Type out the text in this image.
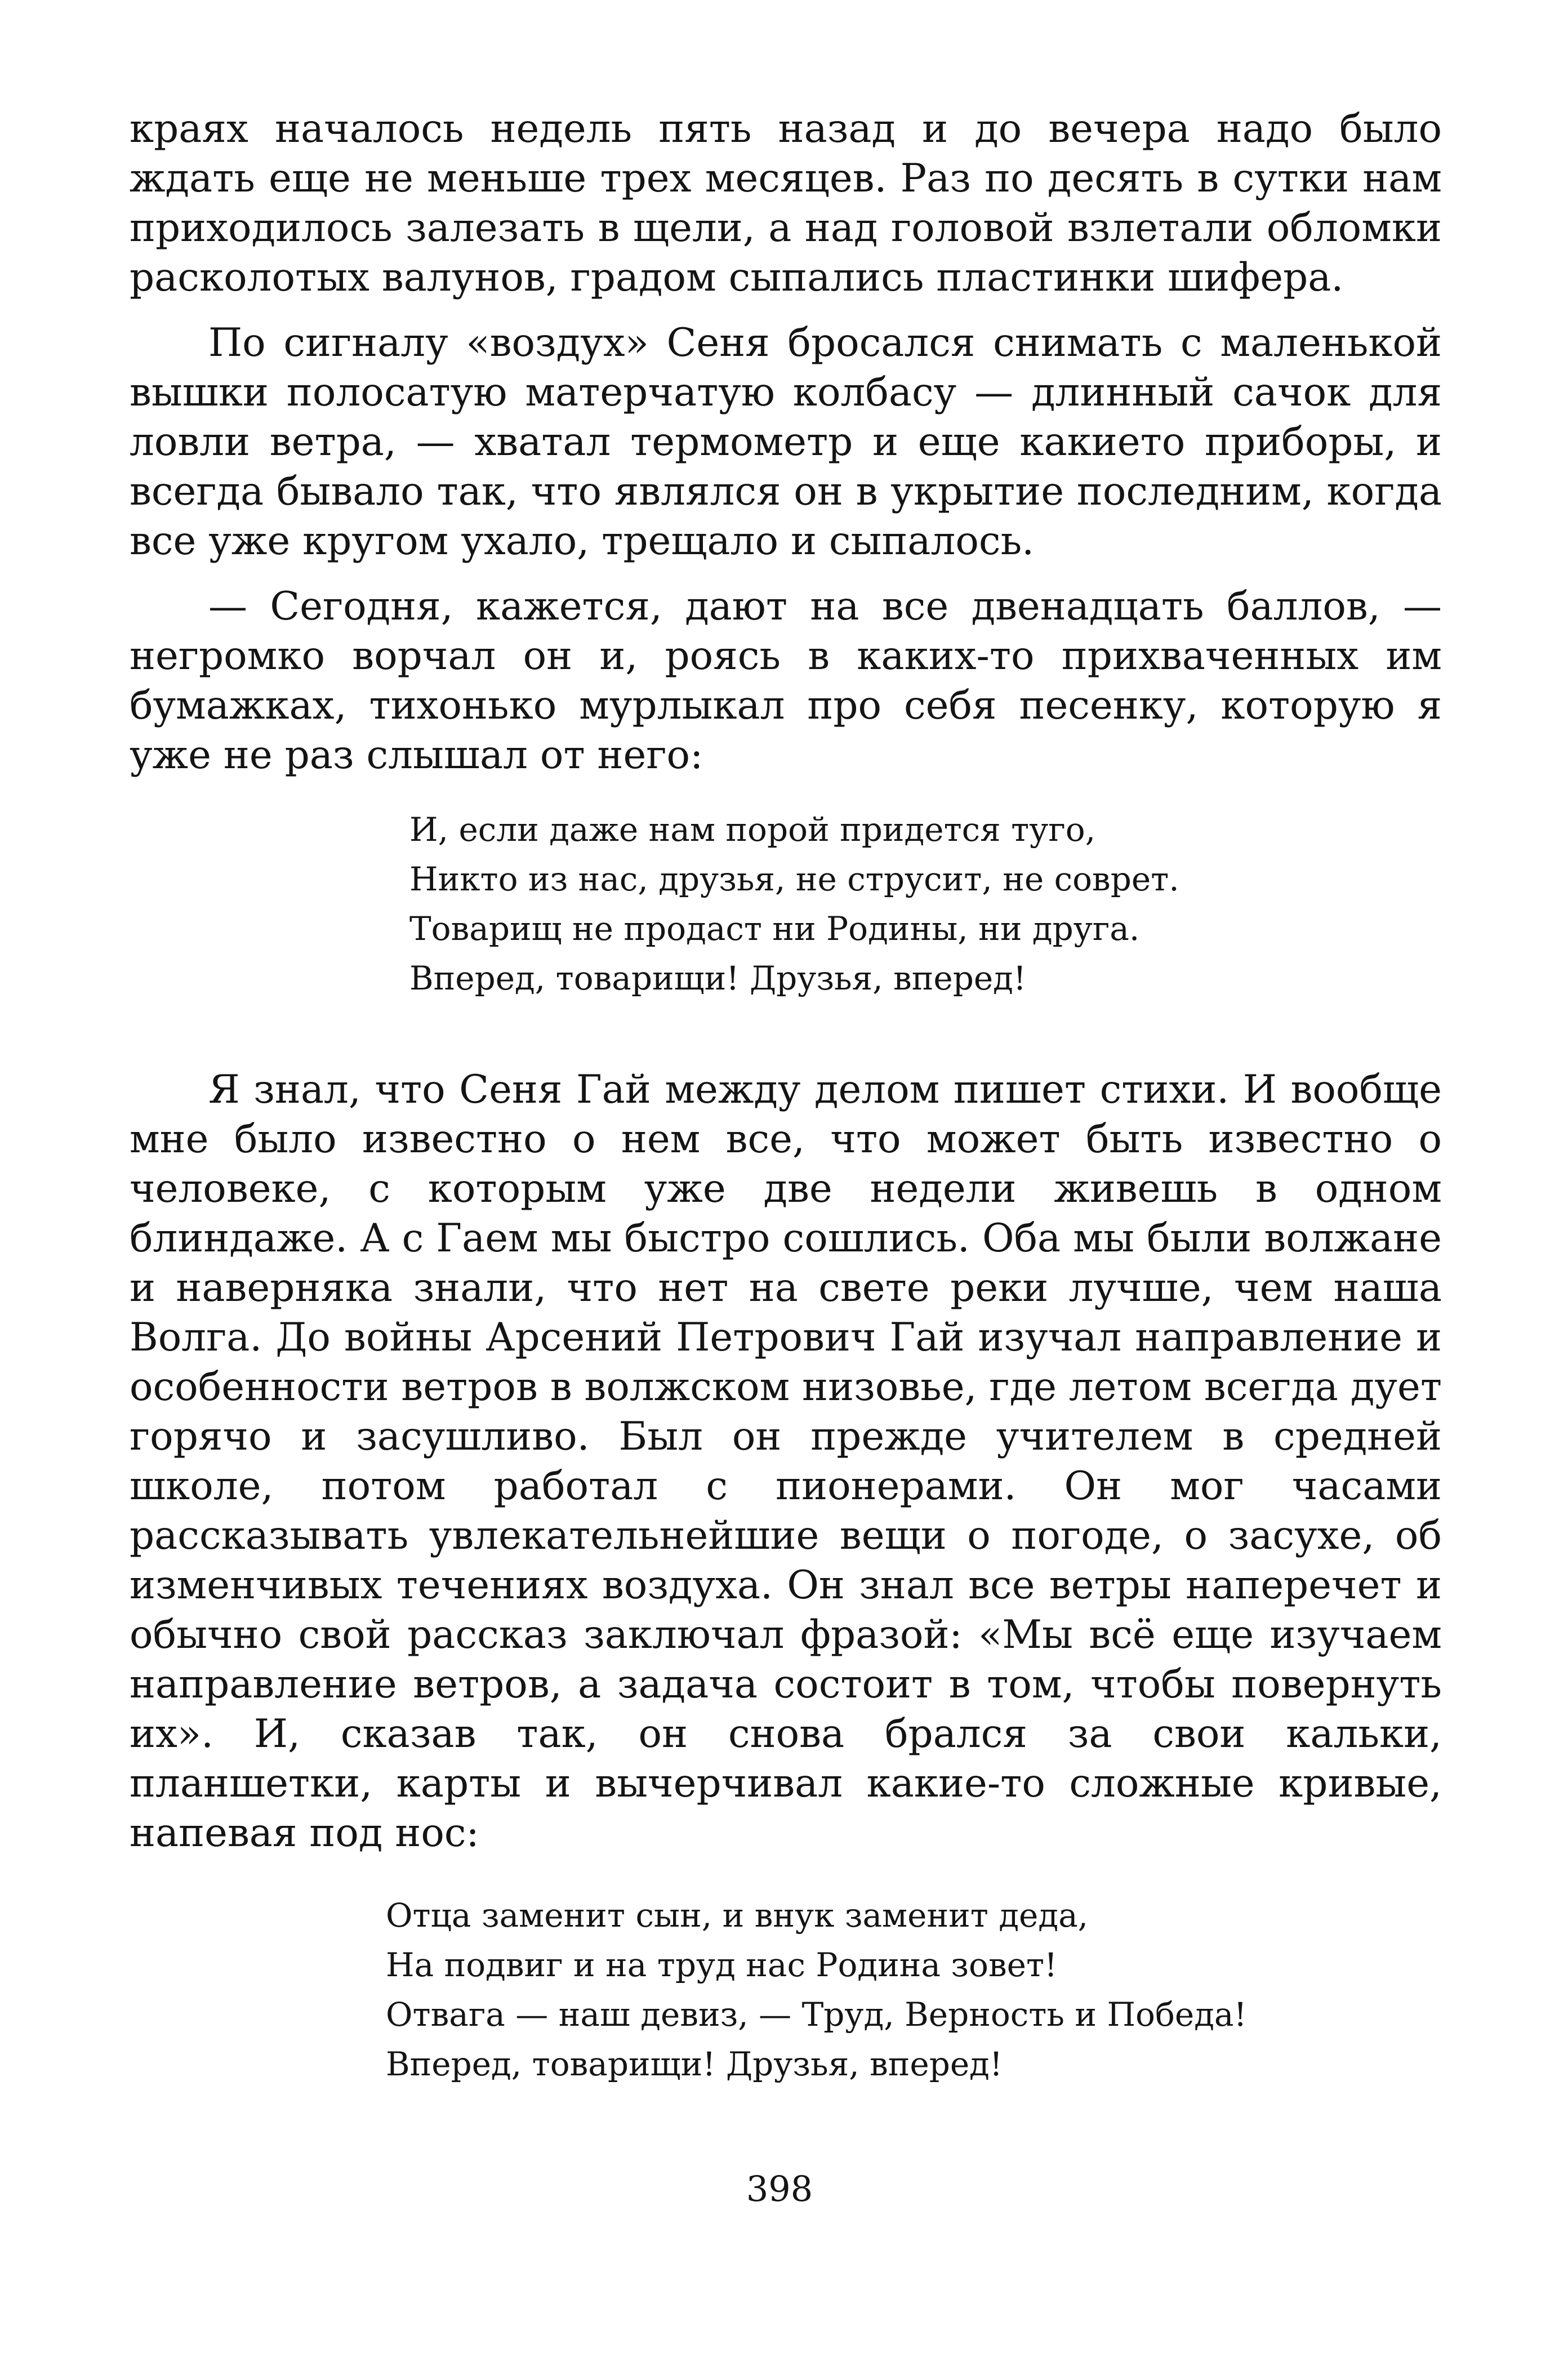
краях началось недель пять назад и до вечера надо было ждать еще не меньше трех месяцев. Раз по десять в сутки нам приходилось залезать в щели, а над головой взлетали обломки расколотых валунов, градом сыпались пластинки шифера.

По сигналу «воздух» Сеня бросался снимать с маленькой вышки полосатую матерчатую колбасу — длинный сачок для ловли ветра, — хватал термометр и еще какието приборы, и всегда бывало так, что являлся он в укрытие последним, когда все уже кругом ухало, трещало и сыпалось.

— Сегодня, кажется, дают на все двенадцать баллов, — негромко ворчал он и, роясь в каких-то прихваченных им бумажках, тихонько мурлыкал про себя песенку, которую я уже не раз слышал от него:

И, если даже нам порой придется туго,
Никто из нас, друзья, не струсит, не соврет.
Товарищ не продаст ни Родины, ни друга.
Вперед, товарищи! Друзья, вперед!

Я знал, что Сеня Гай между делом пишет стихи. И вообще мне было известно о нем все, что может быть известно о человеке, с которым уже две недели живешь в одном блиндаже. А с Гаем мы быстро сошлись. Оба мы были волжане и наверняка знали, что нет на свете реки лучше, чем наша Волга. До войны Арсений Петрович Гай изучал направление и особенности ветров в волжском низовье, где летом всегда дует горячо и засушливо. Был он прежде учителем в средней школе, потом работал с пионерами. Он мог часами рассказывать увлекательнейшие вещи о погоде, о засухе, об изменчивых течениях воздуха. Он знал все ветры наперечет и обычно свой рассказ заключал фразой: «Мы всё еще изучаем направление ветров, а задача состоит в том, чтобы повернуть их». И, сказав так, он снова брался за свои кальки, планшетки, карты и вычерчивал какие-то сложные кривые, напевая под нос:

Отца заменит сын, и внук заменит деда,
На подвиг и на труд нас Родина зовет!
Отвага — наш девиз, — Труд, Верность и Победа!
Вперед, товарищи! Друзья, вперед!
398
